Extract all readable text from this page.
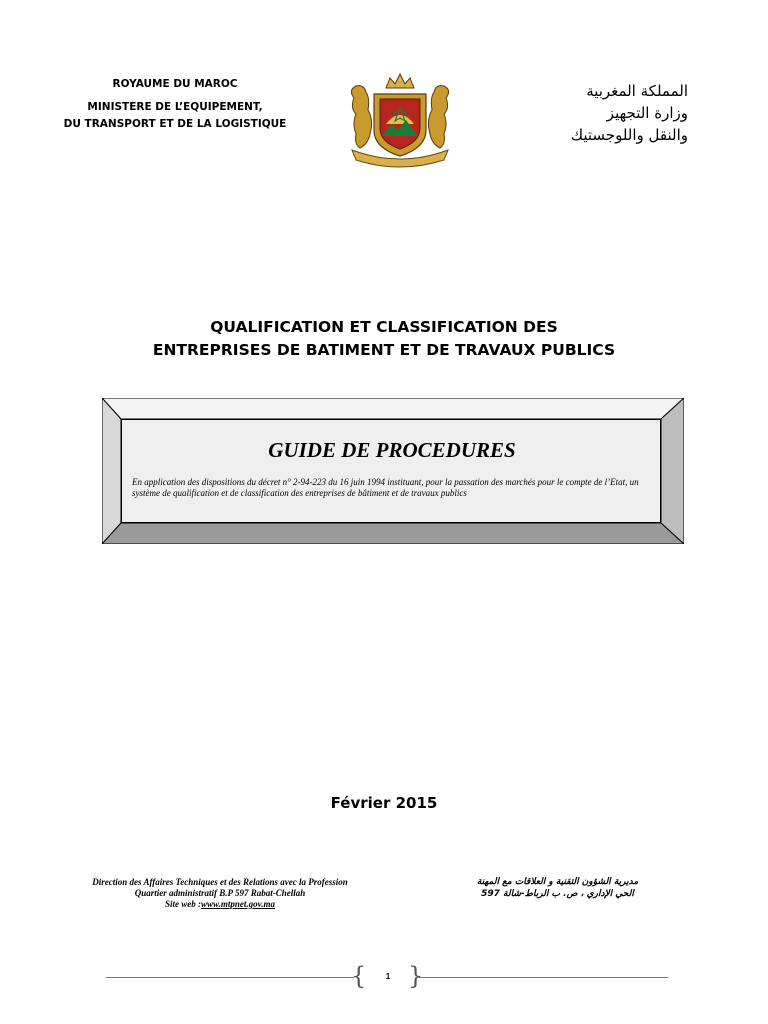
ROYAUME DU MAROC
MINISTERE DE L’EQUIPEMENT,
DU TRANSPORT ET DE LA LOGISTIQUE
المملكة المغربية
وزارة التجهيز
والنقل واللوجستيك
QUALIFICATION ET CLASSIFICATION DES
ENTREPRISES DE BATIMENT ET DE TRAVAUX PUBLICS
GUIDE DE PROCEDURES
En application des dispositions du décret n° 2-94-223 du 16 juin 1994 instituant, pour la passation des marchés pour le compte de l’Etat, un système de qualification et de classification des entreprises de bâtiment et de travaux publics
Février 2015
Direction des Affaires Techniques et des Relations avec la Profession
Quartier administratif B.P 597 Rabat-Chellah
Site web :www.mtpnet.gov.ma
مديرية الشؤون التقنية و العلاقات مع المهنة
الحي الإداري ، ص. ب الرباط-شالة 597
{	1 }
